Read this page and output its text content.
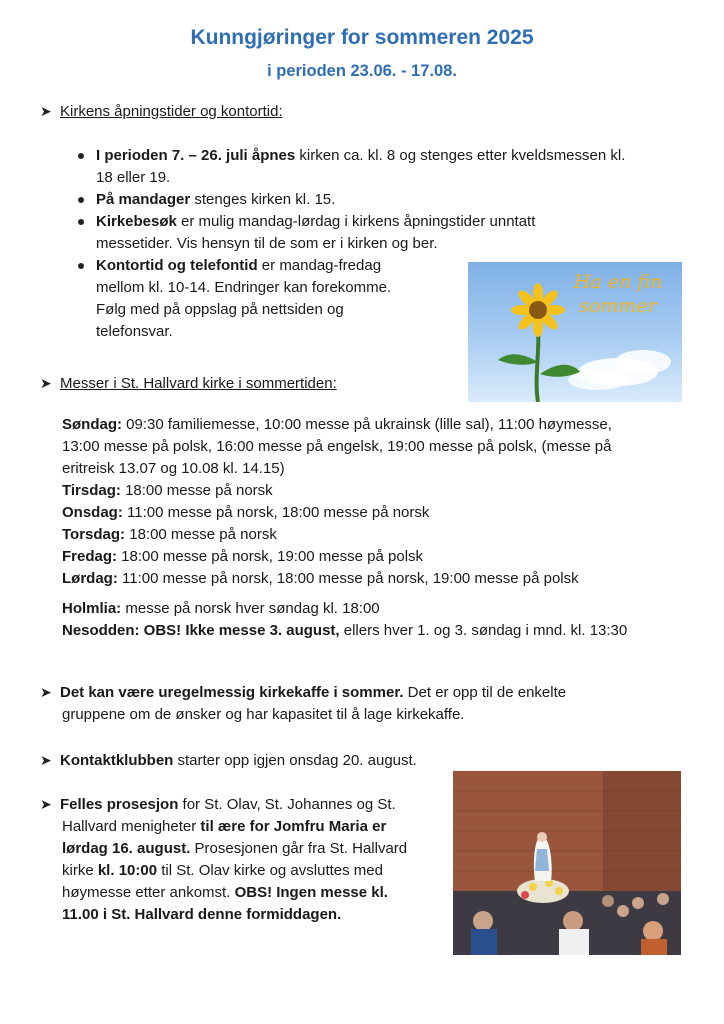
Kunngjøringer for sommeren 2025
i perioden 23.06. - 17.08.
➤ Kirkens åpningstider og kontortid:
I perioden 7. – 26. juli åpnes kirken ca. kl. 8 og stenges etter kveldsmessen kl.
18 eller 19.
På mandager stenges kirken kl. 15.
Kirkebesøk er mulig mandag-lørdag i kirkens åpningstider unntatt
messetider. Vis hensyn til de som er i kirken og ber.
Kontortid og telefontid er mandag-fredag
mellom kl. 10-14. Endringer kan forekomme.
Følg med på oppslag på nettsiden og
telefonsvar.
Ha en fin
sommer
➤ Messer i St. Hallvard kirke i sommertiden:
Søndag: 09:30 familiemesse, 10:00 messe på ukrainsk (lille sal), 11:00 høymesse,
13:00 messe på polsk, 16:00 messe på engelsk, 19:00 messe på polsk, (messe på
eritreisk 13.07 og 10.08 kl. 14.15)
Tirsdag: 18:00 messe på norsk
Onsdag: 11:00 messe på norsk, 18:00 messe på norsk
Torsdag: 18:00 messe på norsk
Fredag: 18:00 messe på norsk, 19:00 messe på polsk
Lørdag: 11:00 messe på norsk, 18:00 messe på norsk, 19:00 messe på polsk
Holmlia: messe på norsk hver søndag kl. 18:00
Nesodden: OBS! Ikke messe 3. august, ellers hver 1. og 3. søndag i mnd. kl. 13:30
➤ Det kan være uregelmessig kirkekaffe i sommer. Det er opp til de enkelte
gruppene om de ønsker og har kapasitet til å lage kirkekaffe.
➤ Kontaktklubben starter opp igjen onsdag 20. august.
➤ Felles prosesjon for St. Olav, St. Johannes og St.
Hallvard menigheter til ære for Jomfru Maria er
lørdag 16. august. Prosesjonen går fra St. Hallvard
kirke kl. 10:00 til St. Olav kirke og avsluttes med
høymesse etter ankomst. OBS! Ingen messe kl.
11.00 i St. Hallvard denne formiddagen.
